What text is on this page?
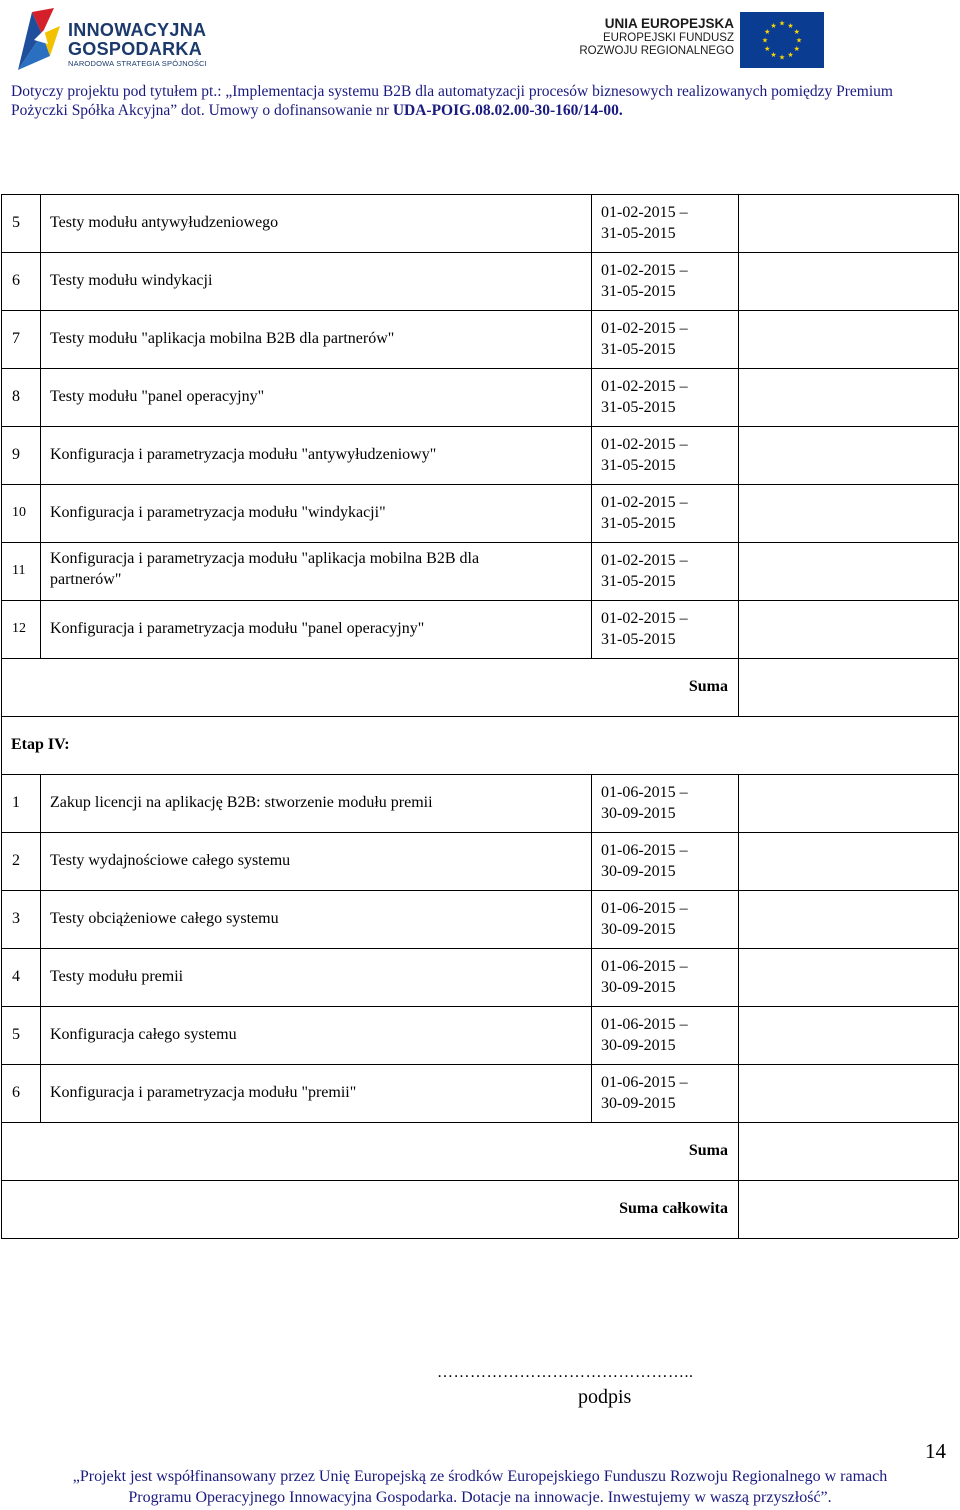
INNOWACYJNA
GOSPODARKA
NARODOWA STRATEGIA SPÓJNOŚCI
UNIA EUROPEJSKA
EUROPEJSKI FUNDUSZ
ROZWOJU REGIONALNEGO
★ ★
★
★
★
★
★
★
★
★
★
★
Dotyczy projektu pod tytułem pt.: „Implementacja systemu B2B dla automatyzacji procesów biznesowych realizowanych pomiędzy Premium
Pożyczki Spółka Akcyjna” dot. Umowy o dofinansowanie nr UDA-POIG.08.02.00-30-160/14-00.
5 Testy modułu antywyłudzeniowego
01-02-2015 –
31-05-2015
6 Testy modułu windykacji
01-02-2015 –
31-05-2015
7 Testy modułu "aplikacja mobilna B2B dla partnerów"
01-02-2015 –
31-05-2015
8 Testy modułu "panel operacyjny"
01-02-2015 –
31-05-2015
9 Konfiguracja i parametryzacja modułu "antywyłudzeniowy"
01-02-2015 –
31-05-2015
10 Konfiguracja i parametryzacja modułu "windykacji"
01-02-2015 –
31-05-2015
11
Konfiguracja i parametryzacja modułu "aplikacja mobilna B2B dla
partnerów"
01-02-2015 –
31-05-2015
12 Konfiguracja i parametryzacja modułu "panel operacyjny"
01-02-2015 –
31-05-2015
Suma
Etap IV:
1 Zakup licencji na aplikację B2B: stworzenie modułu premii
01-06-2015 –
30-09-2015
2 Testy wydajnościowe całego systemu
01-06-2015 –
30-09-2015
3 Testy obciążeniowe całego systemu
01-06-2015 –
30-09-2015
4 Testy modułu premii
01-06-2015 –
30-09-2015
5 Konfiguracja całego systemu
01-06-2015 –
30-09-2015
6 Konfiguracja i parametryzacja modułu "premii"
01-06-2015 –
30-09-2015
Suma
Suma całkowita
………………………………………..
podpis
14
„Projekt jest współfinansowany przez Unię Europejską ze środków Europejskiego Funduszu Rozwoju Regionalnego w ramach
Programu Operacyjnego Innowacyjna Gospodarka. Dotacje na innowacje. Inwestujemy w waszą przyszłość”.
